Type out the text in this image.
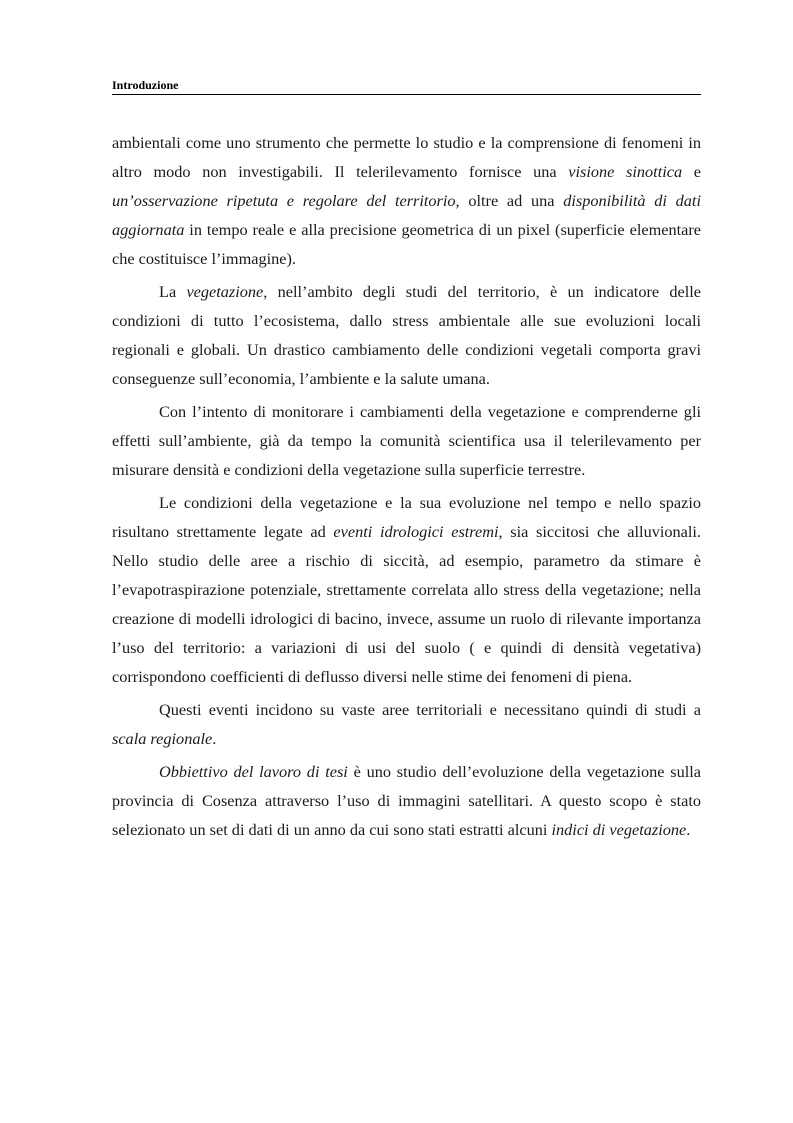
Introduzione

ambientali come uno strumento che permette lo studio e la comprensione di fenomeni in altro modo non investigabili. Il telerilevamento fornisce una visione sinottica e un’osservazione ripetuta e regolare del territorio, oltre ad una disponibilità di dati aggiornata in tempo reale e alla precisione geometrica di un pixel (superficie elementare che costituisce l’immagine).

La vegetazione, nell’ambito degli studi del territorio, è un indicatore delle condizioni di tutto l’ecosistema, dallo stress ambientale alle sue evoluzioni locali regionali e globali. Un drastico cambiamento delle condizioni vegetali comporta gravi conseguenze sull’economia, l’ambiente e la salute umana.

Con l’intento di monitorare i cambiamenti della vegetazione e comprenderne gli effetti sull’ambiente, già da tempo la comunità scientifica usa il telerilevamento per misurare densità e condizioni della vegetazione sulla superficie terrestre.

Le condizioni della vegetazione e la sua evoluzione nel tempo e nello spazio risultano strettamente legate ad eventi idrologici estremi, sia siccitosi che alluvionali. Nello studio delle aree a rischio di siccità, ad esempio, parametro da stimare è l’evapotraspirazione potenziale, strettamente correlata allo stress della vegetazione; nella creazione di modelli idrologici di bacino, invece, assume un ruolo di rilevante importanza l’uso del territorio: a variazioni di usi del suolo ( e quindi di densità vegetativa) corrispondono coefficienti di deflusso diversi nelle stime dei fenomeni di piena.

Questi eventi incidono su vaste aree territoriali e necessitano quindi di studi a scala regionale.

Obbiettivo del lavoro di tesi è uno studio dell’evoluzione della vegetazione sulla provincia di Cosenza attraverso l’uso di immagini satellitari. A questo scopo è stato selezionato un set di dati di un anno da cui sono stati estratti alcuni indici di vegetazione.
